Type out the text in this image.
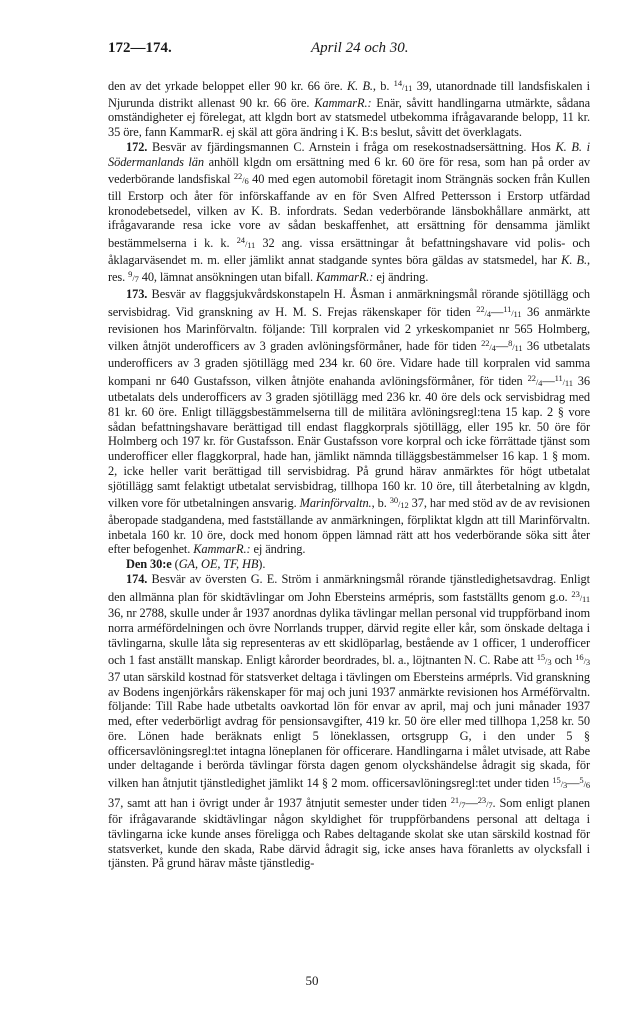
172—174.	April 24 och 30.

den av det yrkade beloppet eller 90 kr. 66 öre. K. B., b. $^{14}/_{11}$ 39, utanordnade till landsfiskalen i Njurunda distrikt allenast 90 kr. 66 öre. KammarR.: Enär, såvitt handlingarna utmärkte, sådana omständigheter ej förelegat, att klgdn bort av statsmedel utbekomma ifrågavarande belopp, 11 kr. 35 öre, fann KammarR. ej skäl att göra ändring i K. B:s beslut, såvitt det överklagats.

172. Besvär av fjärdingsmannen C. Arnstein i fråga om resekostnadsersättning. Hos K. B. i Södermanlands län anhöll klgdn om ersättning med 6 kr. 60 öre för resa, som han på order av vederbörande landsfiskal $^{22}/_6$ 40 med egen automobil företagit inom Strängnäs socken från Kullen till Erstorp och åter för införskaffande av en för Sven Alfred Pettersson i Erstorp utfärdad kronodebetsedel, vilken av K. B. infordrats. Sedan vederbörande länsbokhållare anmärkt, att ifrågavarande resa icke vore av sådan beskaffenhet, att ersättning för densamma jämlikt bestämmelserna i k. k. $^{24}/_{11}$ 32 ang. vissa ersättningar åt befattningshavare vid polis- och åklagarväsendet m. m. eller jämlikt annat stadgande syntes böra gäldas av statsmedel, har K. B., res. $^9/_7$ 40, lämnat ansökningen utan bifall. KammarR.: ej ändring.

173. Besvär av flaggsjukvårdskonstapeln H. Åsman i anmärkningsmål rörande sjötillägg och servisbidrag. Vid granskning av H. M. S. Frejas räkenskaper för tiden $^{22}/_4—^{11}/_{11}$ 36 anmärkte revisionen hos Marinförvaltn. följande: Till korpralen vid 2 yrkeskompaniet nr 565 Holmberg, vilken åtnjöt underofficers av 3 graden avlöningsförmåner, hade för tiden $^{22}/_4—^8/_{11}$ 36 utbetalats underofficers av 3 graden sjötillägg med 234 kr. 60 öre. Vidare hade till korpralen vid samma kompani nr 640 Gustafsson, vilken åtnjöte enahanda avlöningsförmåner, för tiden $^{22}/_4—^{11}/_{11}$ 36 utbetalats dels underofficers av 3 graden sjötillägg med 236 kr. 40 öre dels ock servisbidrag med 81 kr. 60 öre. Enligt tilläggsbestämmelserna till de militära avlöningsregl:tena 15 kap. 2 § vore sådan befattningshavare berättigad till endast flaggkorprals sjötillägg, eller 195 kr. 50 öre för Holmberg och 197 kr. för Gustafsson. Enär Gustafsson vore korpral och icke förrättade tjänst som underofficer eller flaggkorpral, hade han, jämlikt nämnda tilläggsbestämmelser 16 kap. 1 § mom. 2, icke heller varit berättigad till servisbidrag. På grund härav anmärktes för högt utbetalat sjötillägg samt felaktigt utbetalat servisbidrag, tillhopa 160 kr. 10 öre, till återbetalning av klgdn, vilken vore för utbetalningen ansvarig. Marinförvaltn., b. $^{30}/_{12}$ 37, har med stöd av de av revisionen åberopade stadgandena, med fastställande av anmärkningen, förpliktat klgdn att till Marinförvaltn. inbetala 160 kr. 10 öre, dock med honom öppen lämnad rätt att hos vederbörande söka sitt åter efter befogenhet. KammarR.: ej ändring.

Den 30:e (GA, OE, TF, HB).

174. Besvär av översten G. E. Ström i anmärkningsmål rörande tjänstledighetsavdrag. Enligt den allmänna plan för skidtävlingar om John Ebersteins armépris, som fastställts genom g.o. $^{23}/_{11}$ 36, nr 2788, skulle under år 1937 anordnas dylika tävlingar mellan personal vid truppförband inom norra arméfördelningen och övre Norrlands trupper, därvid regite eller kår, som önskade deltaga i tävlingarna, skulle låta sig representeras av ett skidlöparlag, bestående av 1 officer, 1 underofficer och 1 fast anställt manskap. Enligt kårorder beordrades, bl. a., löjtnanten N. C. Rabe att $^{15}/_3$ och $^{16}/_3$ 37 utan särskild kostnad för statsverket deltaga i tävlingen om Ebersteins arméprls. Vid granskning av Bodens ingenjörkårs räkenskaper för maj och juni 1937 anmärkte revisionen hos Arméförvaltn. följande: Till Rabe hade utbetalts oavkortad lön för envar av april, maj och juni månader 1937 med, efter vederbörligt avdrag för pensionsavgifter, 419 kr. 50 öre eller med tillhopa 1,258 kr. 50 öre. Lönen hade beräknats enligt 5 löneklassen, ortsgrupp G, i den under 5 § officersavlöningsregl:tet intagna löneplanen för officerare. Handlingarna i målet utvisade, att Rabe under deltagande i berörda tävlingar första dagen genom olyckshändelse ådragit sig skada, för vilken han åtnjutit tjänstledighet jämlikt 14 § 2 mom. officersavlöningsregl:tet under tiden $^{15}/_3—^5/_6$ 37, samt att han i övrigt under år 1937 åtnjutit semester under tiden $^{21}/_7—^{23}/_7$. Som enligt planen för ifrågavarande skidtävlingar någon skyldighet för truppförbandens personal att deltaga i tävlingarna icke kunde anses föreligga och Rabes deltagande skolat ske utan särskild kostnad för statsverket, kunde den skada, Rabe därvid ådragit sig, icke anses hava föranletts av olycksfall i tjänsten. På grund härav måste tjänstledig-

50
